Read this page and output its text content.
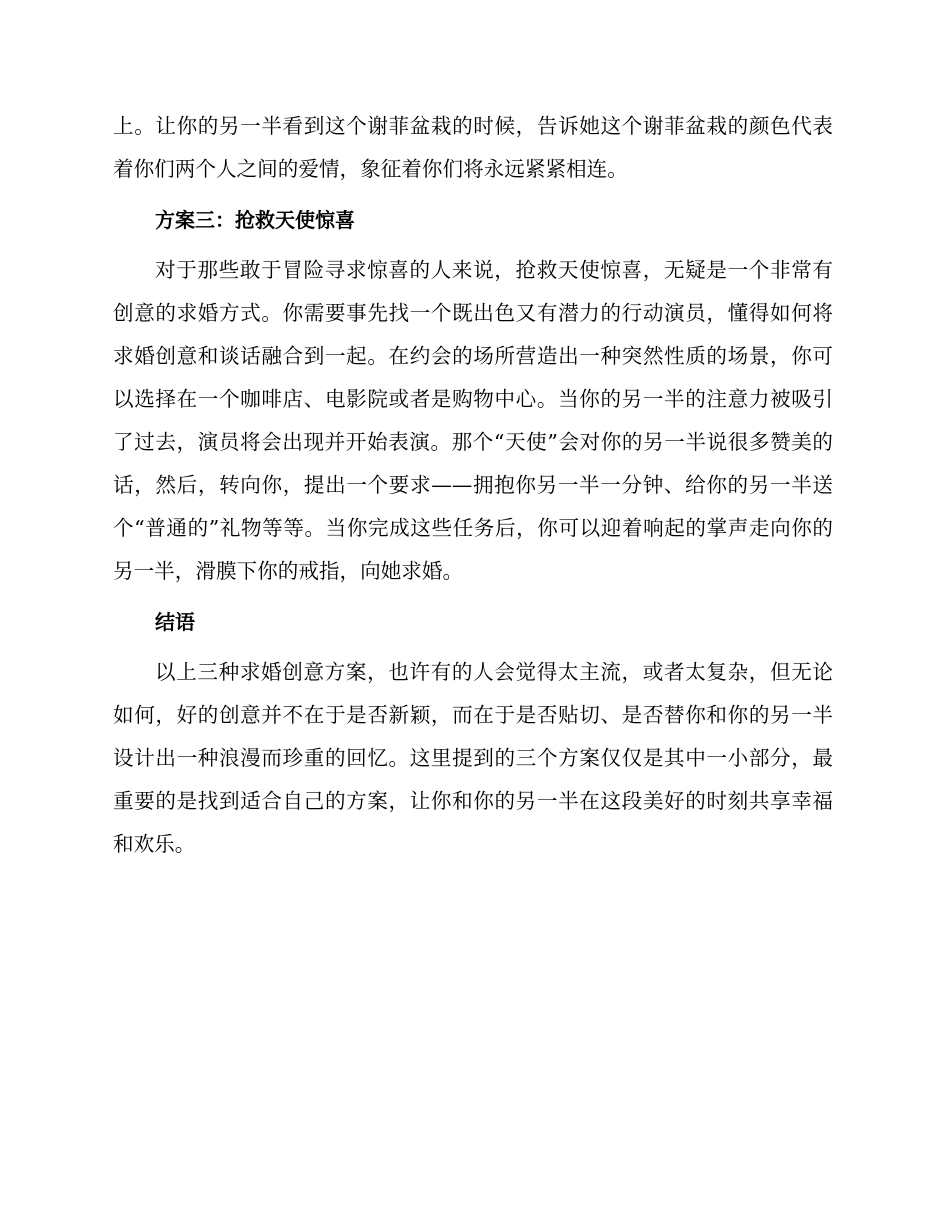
上。让你的另一半看到这个谢菲盆栽的时候，告诉她这个谢菲盆栽的颜色代表着你们两个人之间的爱情，象征着你们将永远紧紧相连。

方案三：抢救天使惊喜

对于那些敢于冒险寻求惊喜的人来说，抢救天使惊喜，无疑是一个非常有创意的求婚方式。你需要事先找一个既出色又有潜力的行动演员，懂得如何将求婚创意和谈话融合到一起。在约会的场所营造出一种突然性质的场景，你可以选择在一个咖啡店、电影院或者是购物中心。当你的另一半的注意力被吸引了过去，演员将会出现并开始表演。那个“天使”会对你的另一半说很多赞美的话，然后，转向你，提出一个要求——拥抱你另一半一分钟、给你的另一半送个“普通的”礼物等等。当你完成这些任务后，你可以迎着响起的掌声走向你的另一半，滑膜下你的戒指，向她求婚。

结语

以上三种求婚创意方案，也许有的人会觉得太主流，或者太复杂，但无论如何，好的创意并不在于是否新颖，而在于是否贴切、是否替你和你的另一半设计出一种浪漫而珍重的回忆。这里提到的三个方案仅仅是其中一小部分，最重要的是找到适合自己的方案，让你和你的另一半在这段美好的时刻共享幸福和欢乐。
